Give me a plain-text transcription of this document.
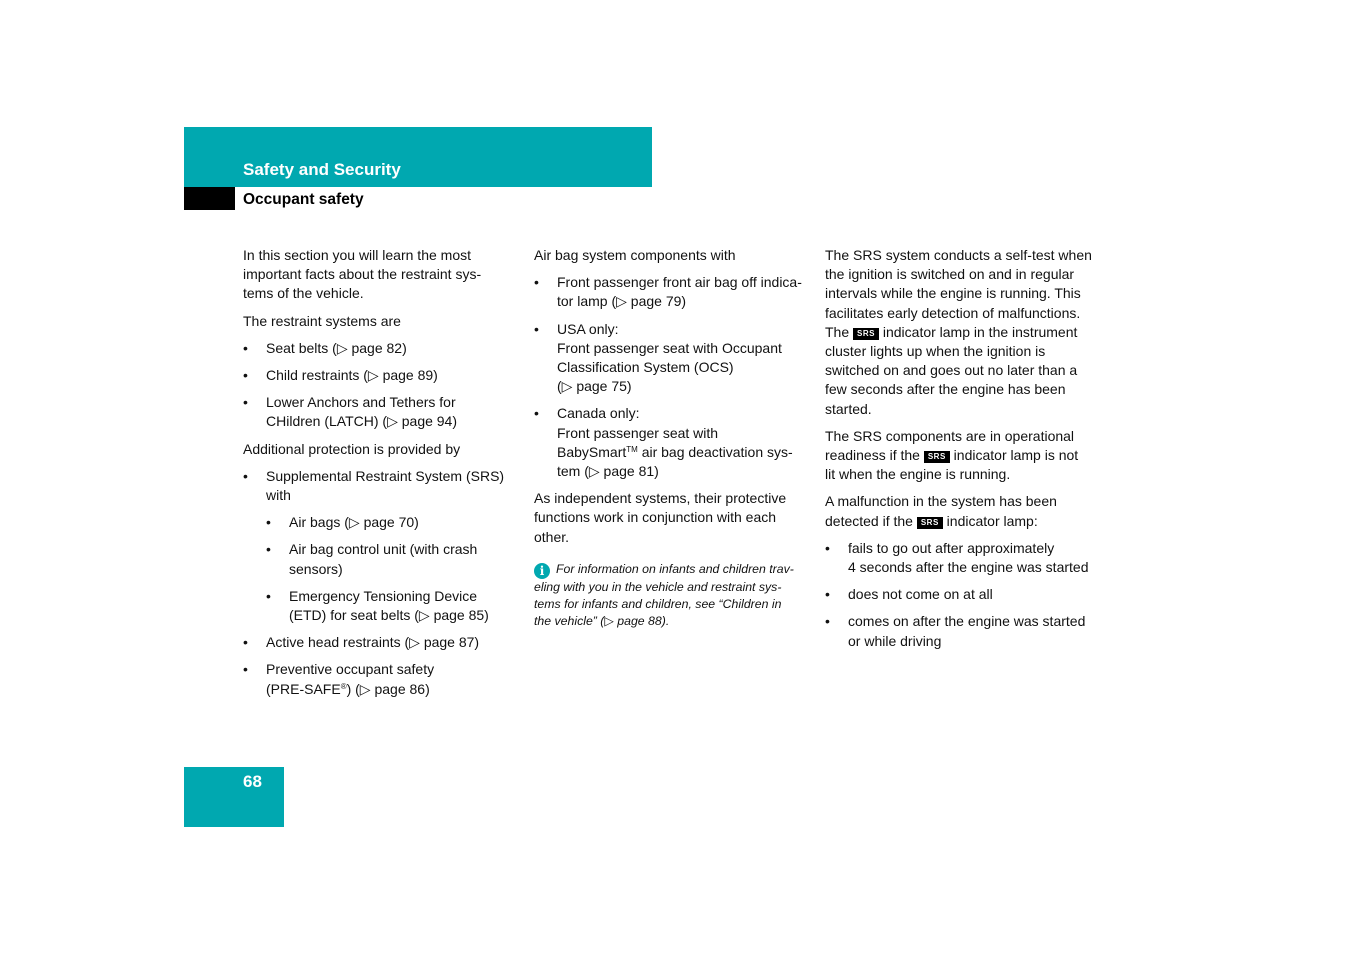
Safety and Security
Occupant safety

In this section you will learn the most
important facts about the restraint sys-
tems of the vehicle.

The restraint systems are

• Seat belts (▷ page 82)
• Child restraints (▷ page 89)
• Lower Anchors and Tethers for
CHildren (LATCH) (▷ page 94)

Additional protection is provided by

• Supplemental Restraint System (SRS)
with
• Air bags (▷ page 70)
• Air bag control unit (with crash
sensors)
• Emergency Tensioning Device
(ETD) for seat belts (▷ page 85)
• Active head restraints (▷ page 87)
• Preventive occupant safety
(PRE-SAFE®) (▷ page 86)

Air bag system components with

• Front passenger front air bag off indica-
tor lamp (▷ page 79)
• USA only:
Front passenger seat with Occupant
Classification System (OCS)
(▷ page 75)
• Canada only:
Front passenger seat with
BabySmart™ air bag deactivation sys-
tem (▷ page 81)

As independent systems, their protective
functions work in conjunction with each
other.

i For information on infants and children trav-
eling with you in the vehicle and restraint sys-
tems for infants and children, see “Children in
the vehicle” (▷ page 88).

The SRS system conducts a self-test when
the ignition is switched on and in regular
intervals while the engine is running. This
facilitates early detection of malfunctions.
The SRS indicator lamp in the instrument
cluster lights up when the ignition is
switched on and goes out no later than a
few seconds after the engine has been
started.

The SRS components are in operational
readiness if the SRS indicator lamp is not
lit when the engine is running.

A malfunction in the system has been
detected if the SRS indicator lamp:

• fails to go out after approximately
4 seconds after the engine was started
• does not come on at all
• comes on after the engine was started
or while driving
68
